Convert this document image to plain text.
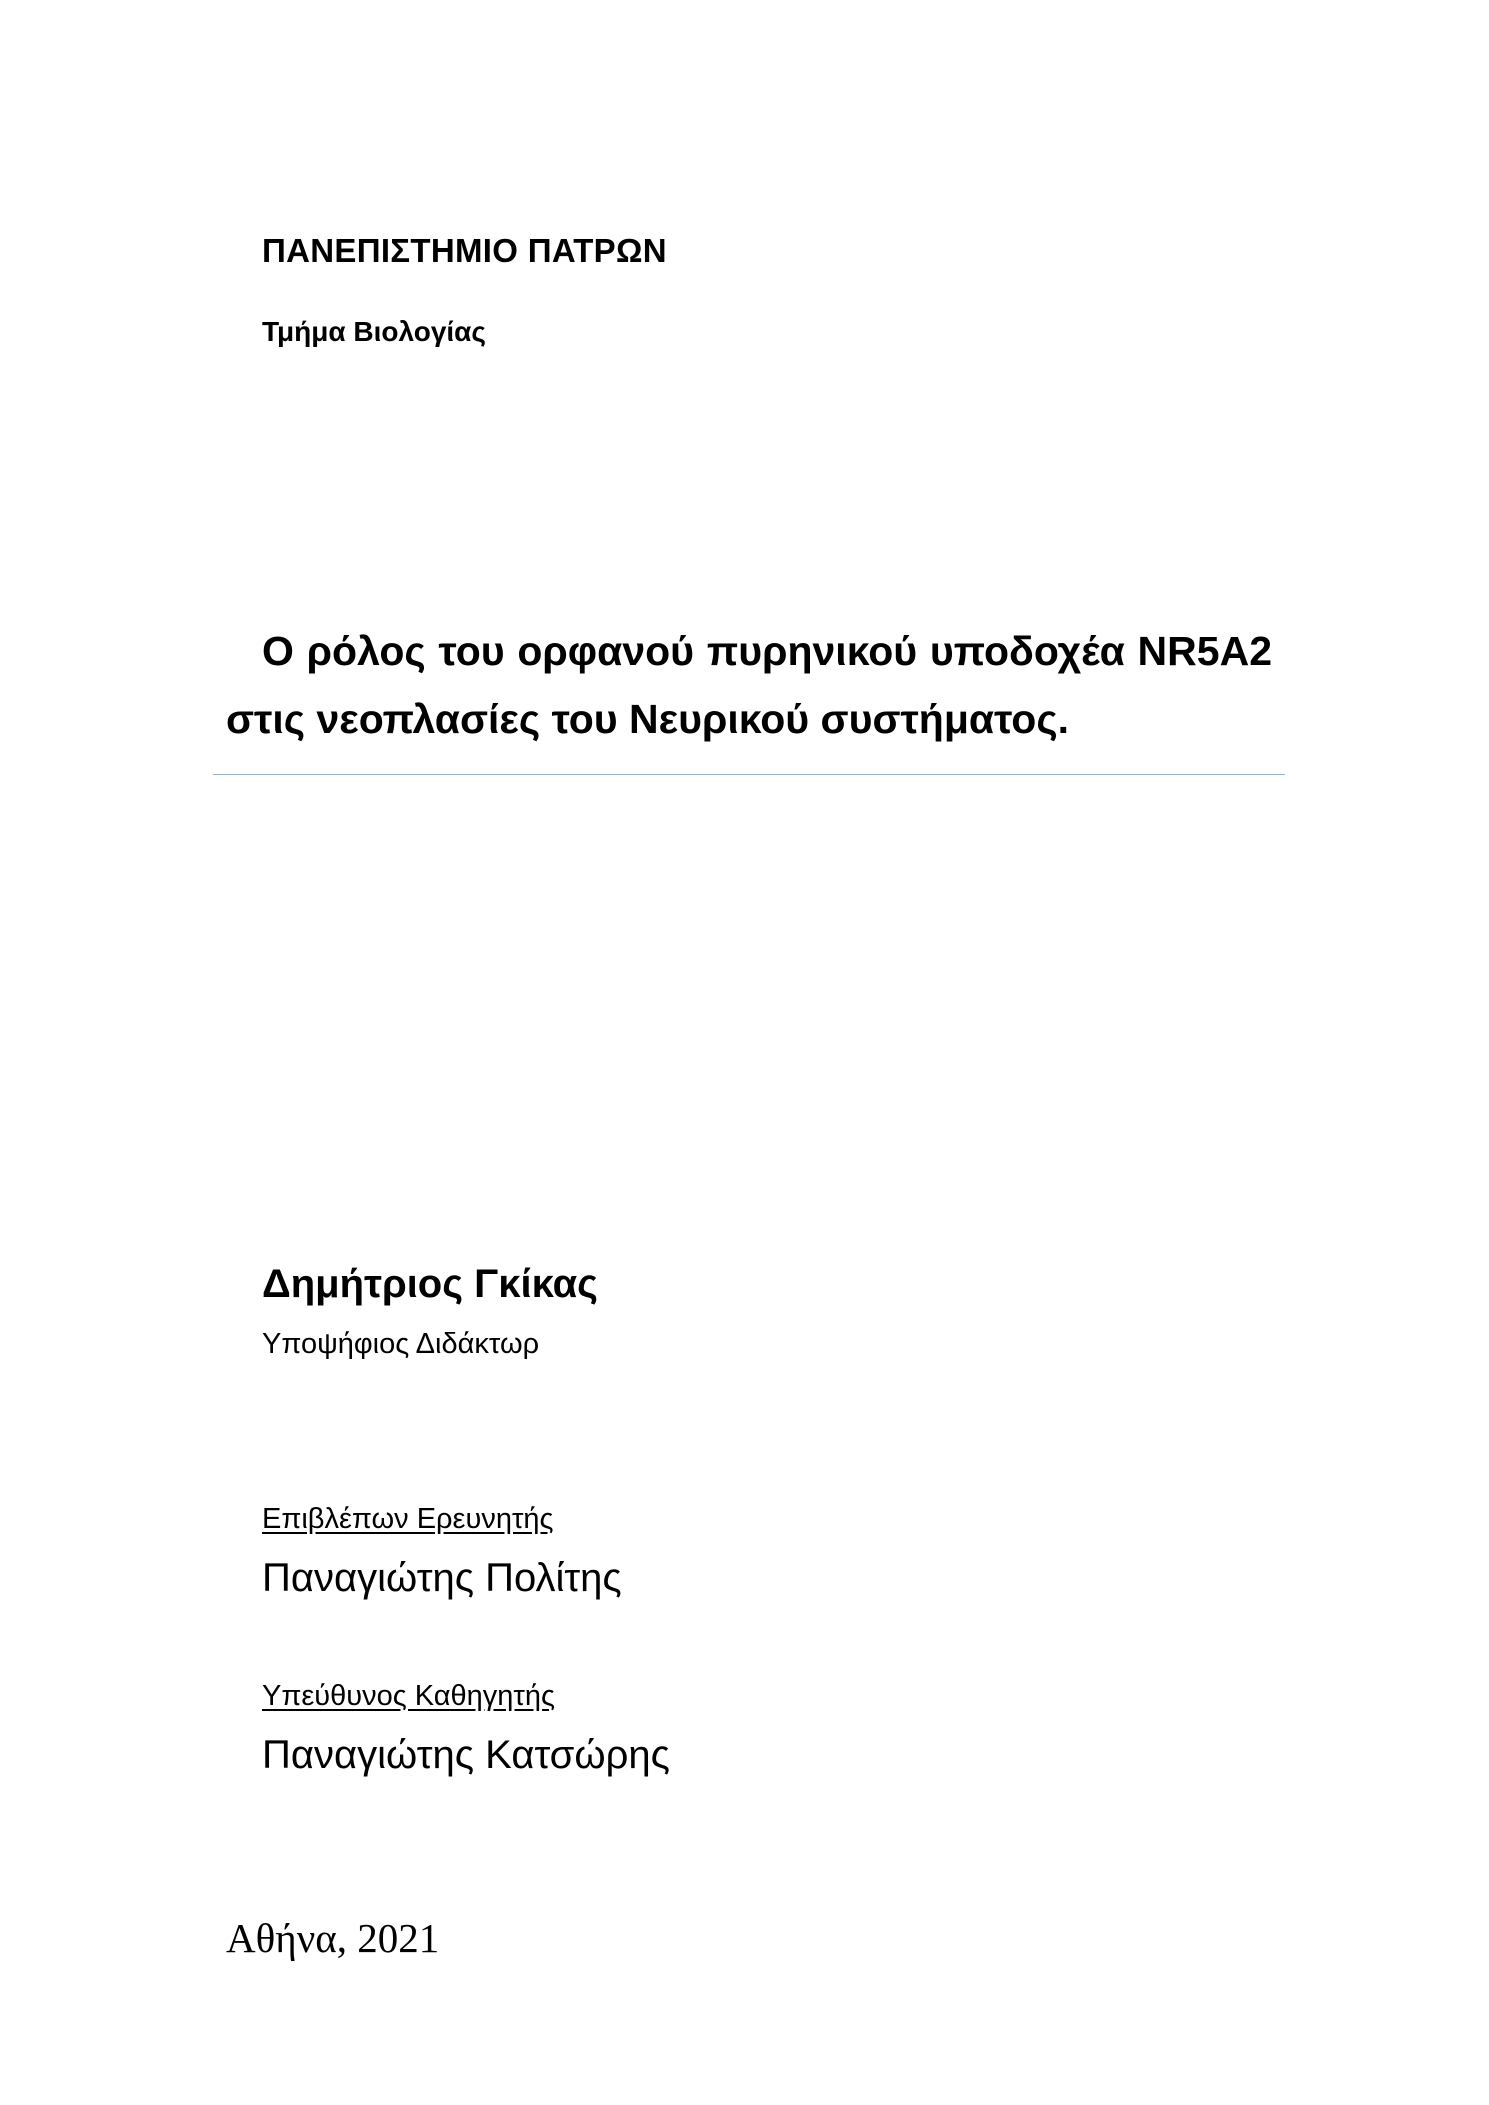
ΠΑΝΕΠΙΣΤΗΜΙΟ ΠΑΤΡΩΝ
Τμήμα Βιολογίας
Ο ρόλος του ορφανού πυρηνικού υποδοχέα NR5A2 στις νεοπλασίες του Νευρικού συστήματος.
Δημήτριος Γκίκας
Υποψήφιος Διδάκτωρ
Επιβλέπων Ερευνητής
Παναγιώτης Πολίτης
Υπεύθυνος Καθηγητής
Παναγιώτης Κατσώρης
Αθήνα, 2021
